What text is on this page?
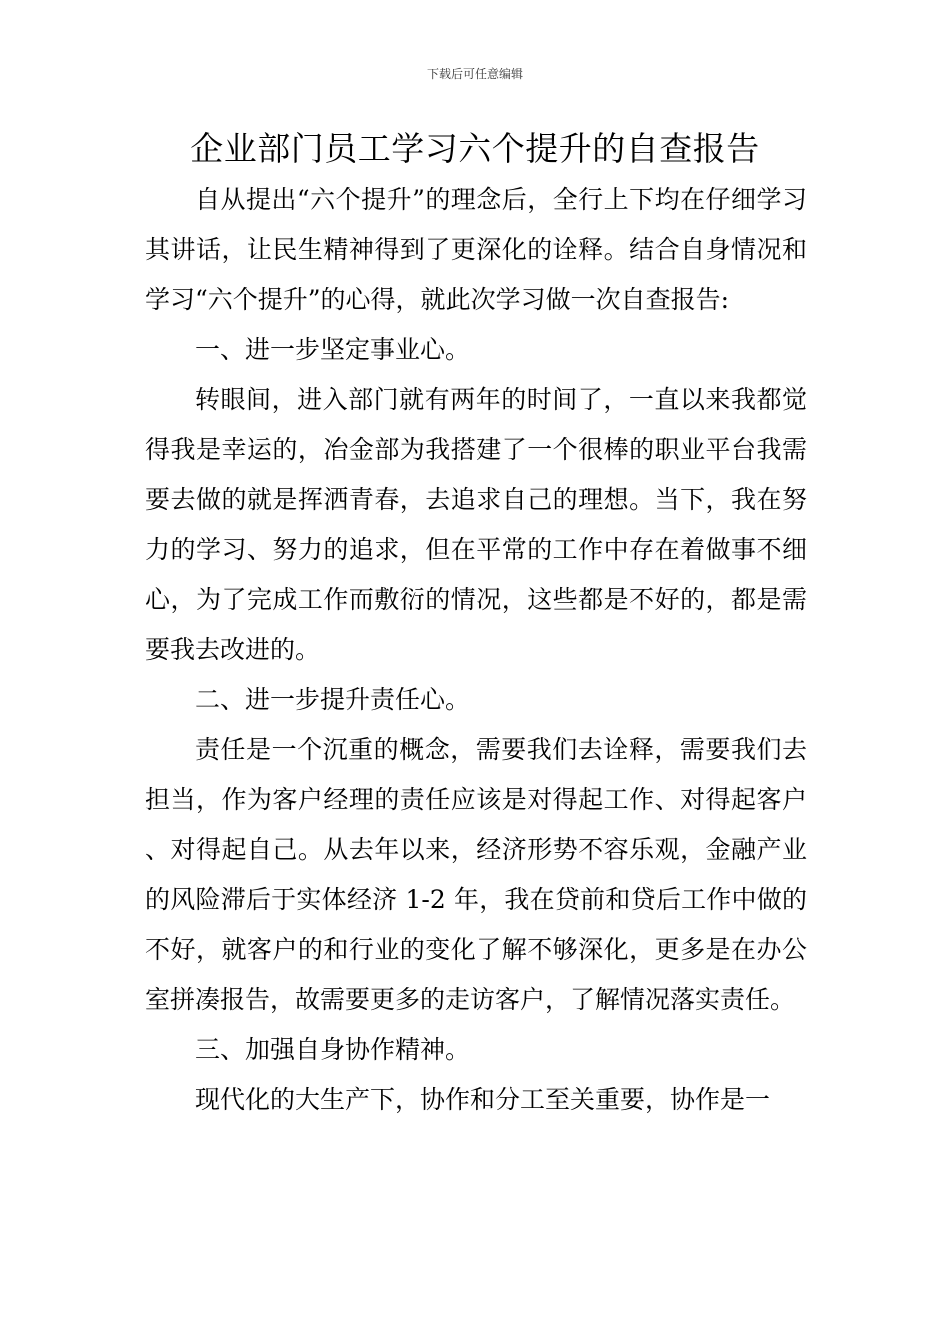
下载后可任意编辑
企业部门员工学习六个提升的自查报告

自从提出“六个提升”的理念后，全行上下均在仔细学习其讲话，让民生精神得到了更深化的诠释。结合自身情况和学习“六个提升”的心得，就此次学习做一次自查报告:

一、进一步坚定事业心。

转眼间，进入部门就有两年的时间了，一直以来我都觉得我是幸运的，冶金部为我搭建了一个很棒的职业平台我需要去做的就是挥洒青春，去追求自己的理想。当下，我在努力的学习、努力的追求，但在平常的工作中存在着做事不细心，为了完成工作而敷衍的情况，这些都是不好的，都是需要我去改进的。

二、进一步提升责任心。

责任是一个沉重的概念，需要我们去诠释，需要我们去担当，作为客户经理的责任应该是对得起工作、对得起客户、对得起自己。从去年以来，经济形势不容乐观，金融产业的风险滞后于实体经济 1-2 年，我在贷前和贷后工作中做的不好，就客户的和行业的变化了解不够深化，更多是在办公室拼凑报告，故需要更多的走访客户，了解情况落实责任。

三、加强自身协作精神。

现代化的大生产下，协作和分工至关重要，协作是一
